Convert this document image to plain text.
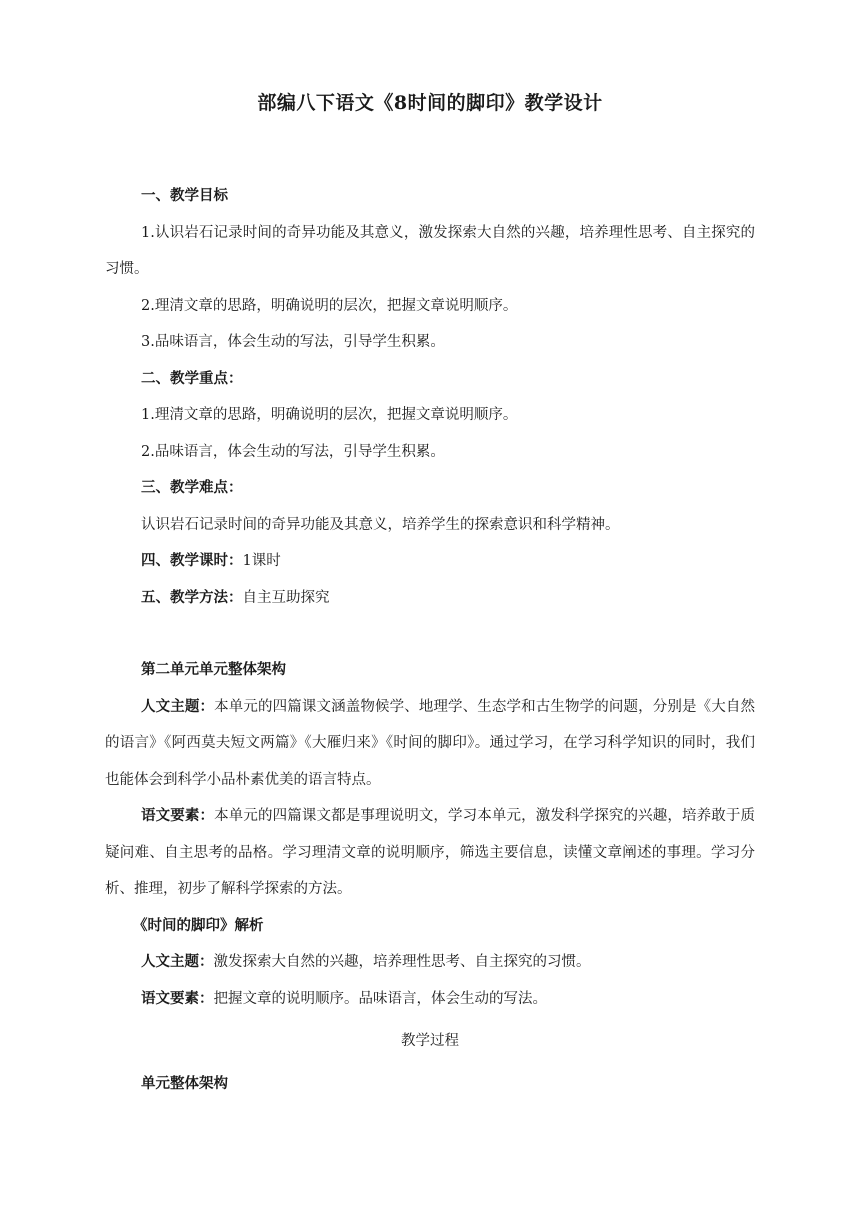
部编八下语文《8时间的脚印》教学设计

一、教学目标

1.认识岩石记录时间的奇异功能及其意义，激发探索大自然的兴趣，培养理性思考、自主探究的习惯。

2.理清文章的思路，明确说明的层次，把握文章说明顺序。

3.品味语言，体会生动的写法，引导学生积累。

二、教学重点：

1.理清文章的思路，明确说明的层次，把握文章说明顺序。

2.品味语言，体会生动的写法，引导学生积累。

三、教学难点：

认识岩石记录时间的奇异功能及其意义，培养学生的探索意识和科学精神。

四、教学课时：1课时

五、教学方法：自主互助探究

第二单元单元整体架构

人文主题：本单元的四篇课文涵盖物候学、地理学、生态学和古生物学的问题，分别是《大自然的语言》《阿西莫夫短文两篇》《大雁归来》《时间的脚印》。通过学习，在学习科学知识的同时，我们也能体会到科学小品朴素优美的语言特点。

语文要素：本单元的四篇课文都是事理说明文，学习本单元，激发科学探究的兴趣，培养敢于质疑问难、自主思考的品格。学习理清文章的说明顺序，筛选主要信息，读懂文章阐述的事理。学习分析、推理，初步了解科学探索的方法。

《时间的脚印》解析

人文主题：激发探索大自然的兴趣，培养理性思考、自主探究的习惯。

语文要素：把握文章的说明顺序。品味语言，体会生动的写法。

教学过程

单元整体架构
